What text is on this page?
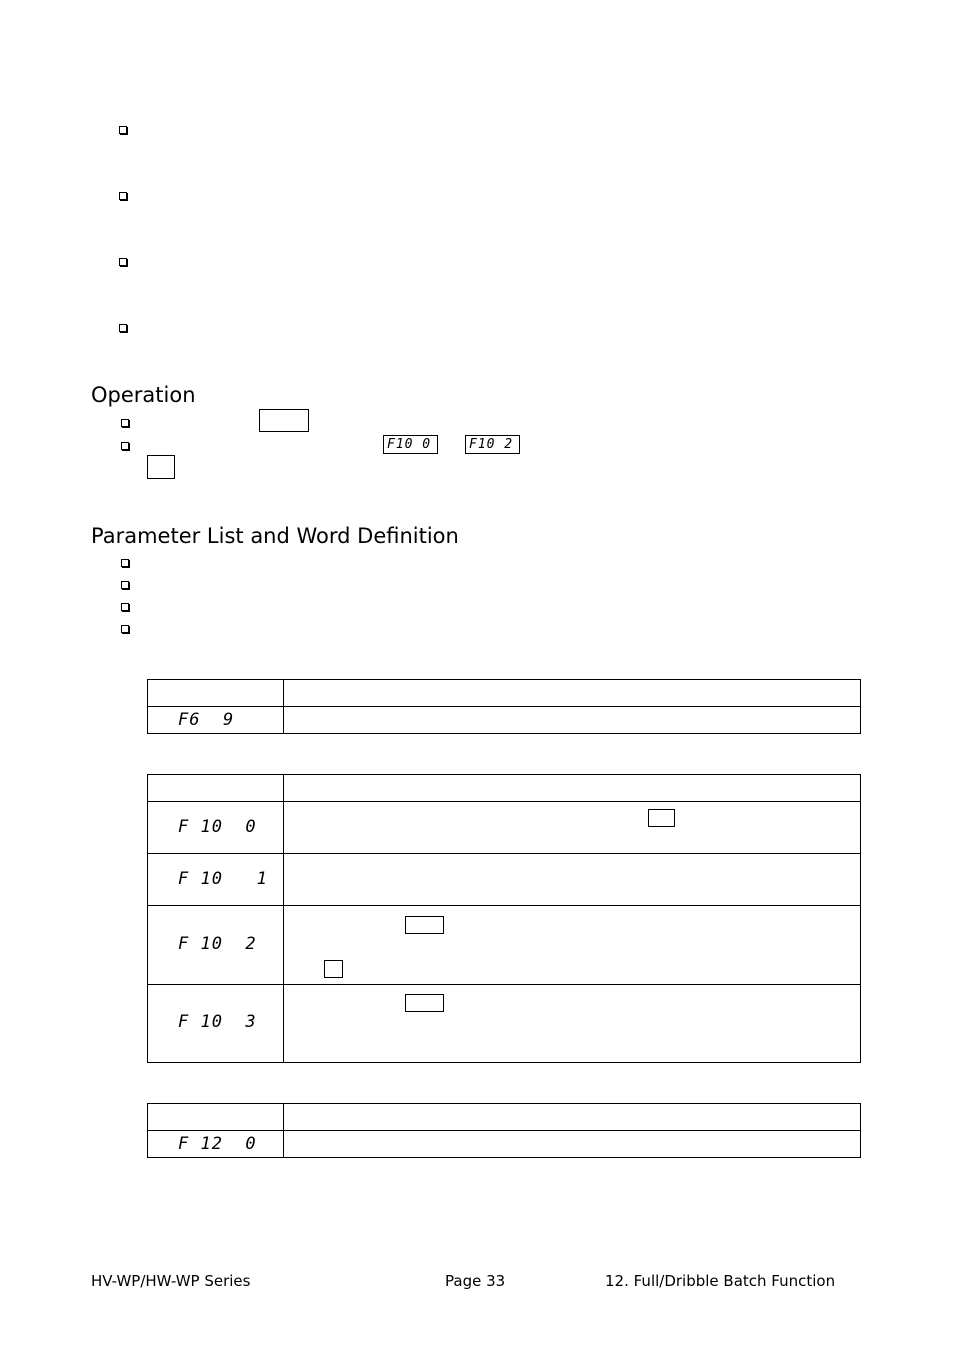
Operation
F10 0	F10 2
Parameter List and Word Definition

F6  9	

F 10  0	

F 10   1	

F 10  2	

F 10  3	

F 12  0	

HV-WP/HW-WP Series	Page 33	12. Full/Dribble Batch Function
